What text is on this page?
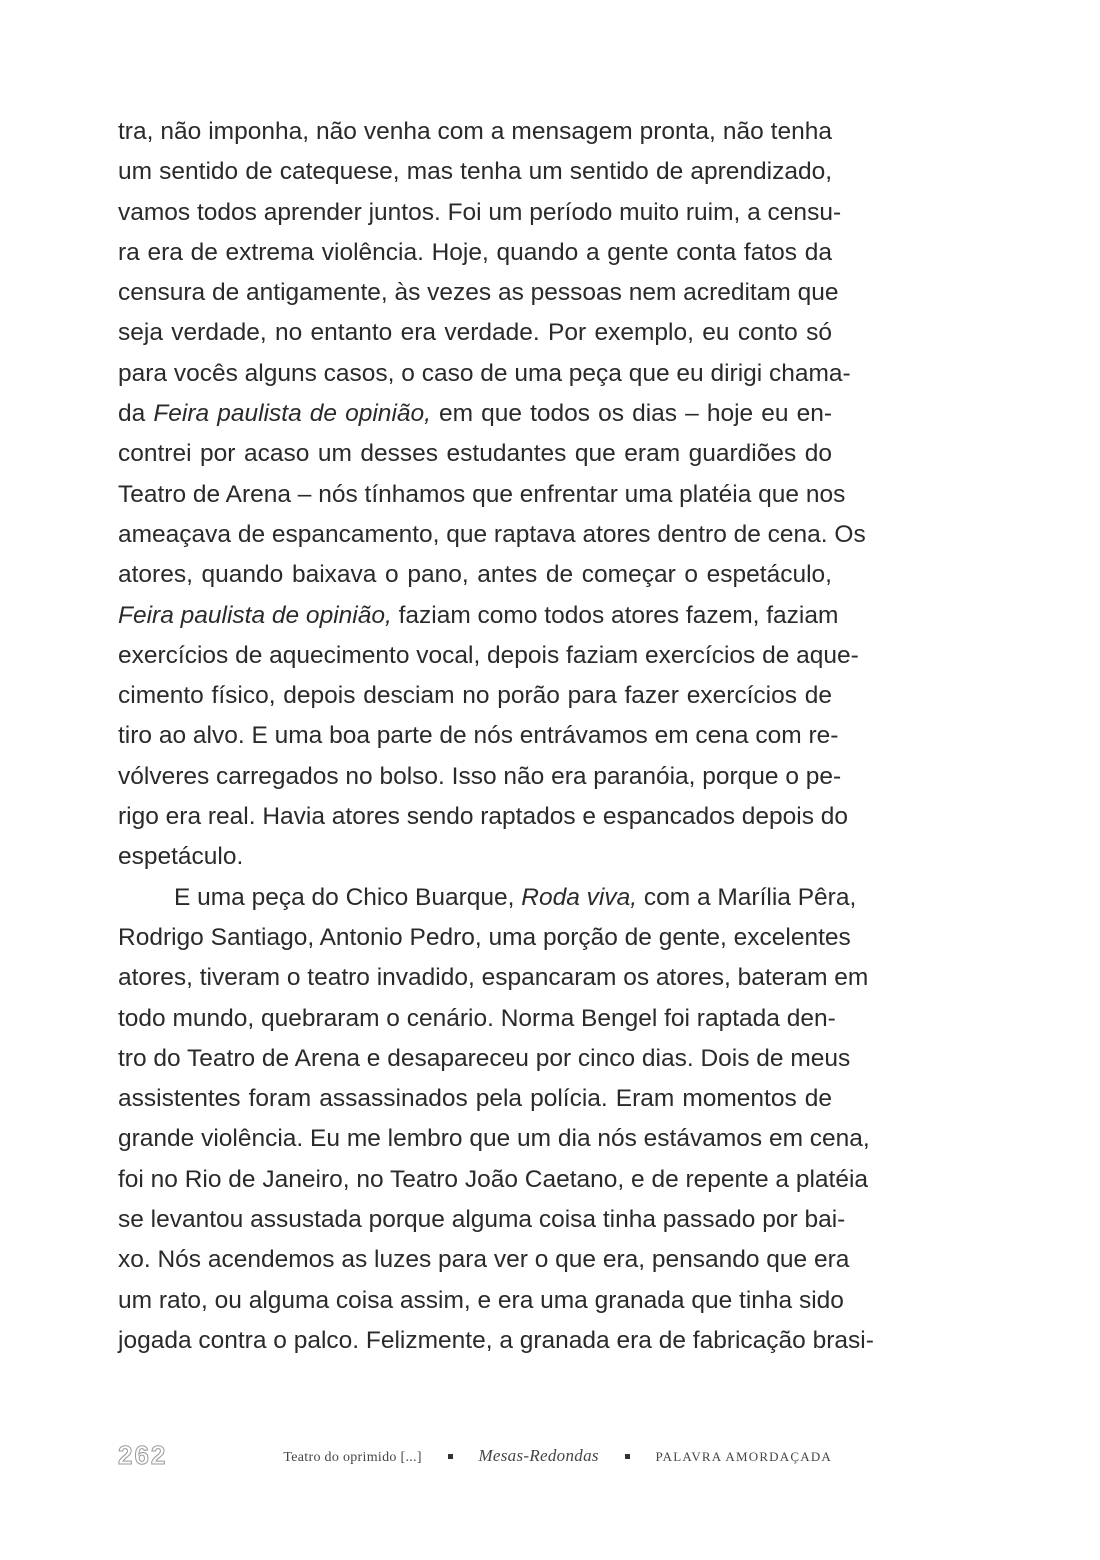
tra, não imponha, não venha com a mensagem pronta, não tenha
um sentido de catequese, mas tenha um sentido de aprendizado,
vamos todos aprender juntos. Foi um período muito ruim, a censu-
ra era de extrema violência. Hoje, quando a gente conta fatos da
censura de antigamente, às vezes as pessoas nem acreditam que
seja verdade, no entanto era verdade. Por exemplo, eu conto só
para vocês alguns casos, o caso de uma peça que eu dirigi chama-
da Feira paulista de opinião, em que todos os dias – hoje eu en-
contrei por acaso um desses estudantes que eram guardiões do
Teatro de Arena – nós tínhamos que enfrentar uma platéia que nos
ameaçava de espancamento, que raptava atores dentro de cena. Os
atores, quando baixava o pano, antes de começar o espetáculo,
Feira paulista de opinião, faziam como todos atores fazem, faziam
exercícios de aquecimento vocal, depois faziam exercícios de aque-
cimento físico, depois desciam no porão para fazer exercícios de
tiro ao alvo. E uma boa parte de nós entrávamos em cena com re-
vólveres carregados no bolso. Isso não era paranóia, porque o pe-
rigo era real. Havia atores sendo raptados e espancados depois do
espetáculo.
E uma peça do Chico Buarque, Roda viva, com a Marília Pêra,
Rodrigo Santiago, Antonio Pedro, uma porção de gente, excelentes
atores, tiveram o teatro invadido, espancaram os atores, bateram em
todo mundo, quebraram o cenário. Norma Bengel foi raptada den-
tro do Teatro de Arena e desapareceu por cinco dias. Dois de meus
assistentes foram assassinados pela polícia. Eram momentos de
grande violência. Eu me lembro que um dia nós estávamos em cena,
foi no Rio de Janeiro, no Teatro João Caetano, e de repente a platéia
se levantou assustada porque alguma coisa tinha passado por bai-
xo. Nós acendemos as luzes para ver o que era, pensando que era
um rato, ou alguma coisa assim, e era uma granada que tinha sido
jogada contra o palco. Felizmente, a granada era de fabricação brasi-
262	Teatro do oprimido [...]	Mesas-Redondas	PALAVRA AMORDAÇADA
